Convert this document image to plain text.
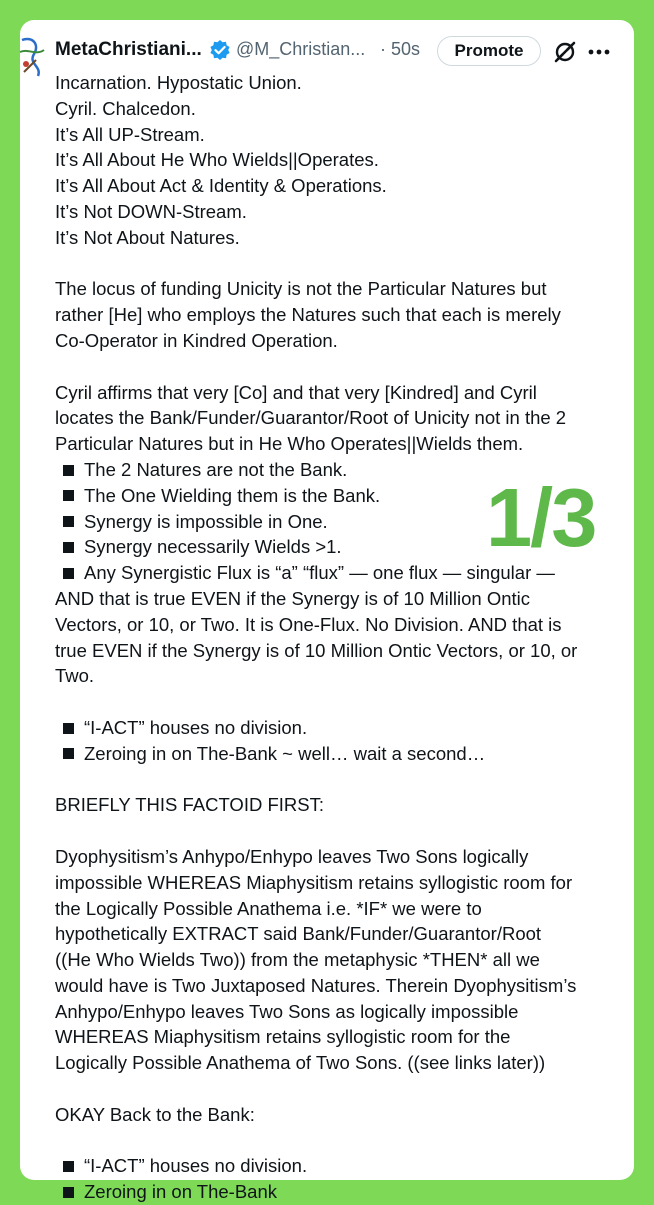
MetaChristiani... @M_Christian... · 50s	Promote
Incarnation. Hypostatic Union.
Cyril. Chalcedon.
It’s All UP-Stream.
It’s All About He Who Wields||Operates.
It’s All About Act & Identity & Operations.
It’s Not DOWN-Stream.
It’s Not About Natures.
The locus of funding Unicity is not the Particular Natures but
rather [He] who employs the Natures such that each is merely
Co-Operator in Kindred Operation.
Cyril affirms that very [Co] and that very [Kindred] and Cyril
locates the Bank/Funder/Guarantor/Root of Unicity not in the 2
Particular Natures but in He Who Operates||Wields them.
The 2 Natures are not the Bank.
The One Wielding them is the Bank.
Synergy is impossible in One.
Synergy necessarily Wields >1.
Any Synergistic Flux is “a” “flux” — one flux — singular —
AND that is true EVEN if the Synergy is of 10 Million Ontic
Vectors, or 10, or Two. It is One-Flux. No Division. AND that is
true EVEN if the Synergy is of 10 Million Ontic Vectors, or 10, or
Two.
“I-ACT” houses no division.
Zeroing in on The-Bank ~ well… wait a second…
BRIEFLY THIS FACTOID FIRST:
Dyophysitism’s Anhypo/Enhypo leaves Two Sons logically
impossible WHEREAS Miaphysitism retains syllogistic room for
the Logically Possible Anathema i.e. *IF* we were to
hypothetically EXTRACT said Bank/Funder/Guarantor/Root
((He Who Wields Two)) from the metaphysic *THEN* all we
would have is Two Juxtaposed Natures. Therein Dyophysitism’s
Anhypo/Enhypo leaves Two Sons as logically impossible
WHEREAS Miaphysitism retains syllogistic room for the
Logically Possible Anathema of Two Sons. ((see links later))
OKAY Back to the Bank:
“I-ACT” houses no division.
Zeroing in on The-Bank
1/3
